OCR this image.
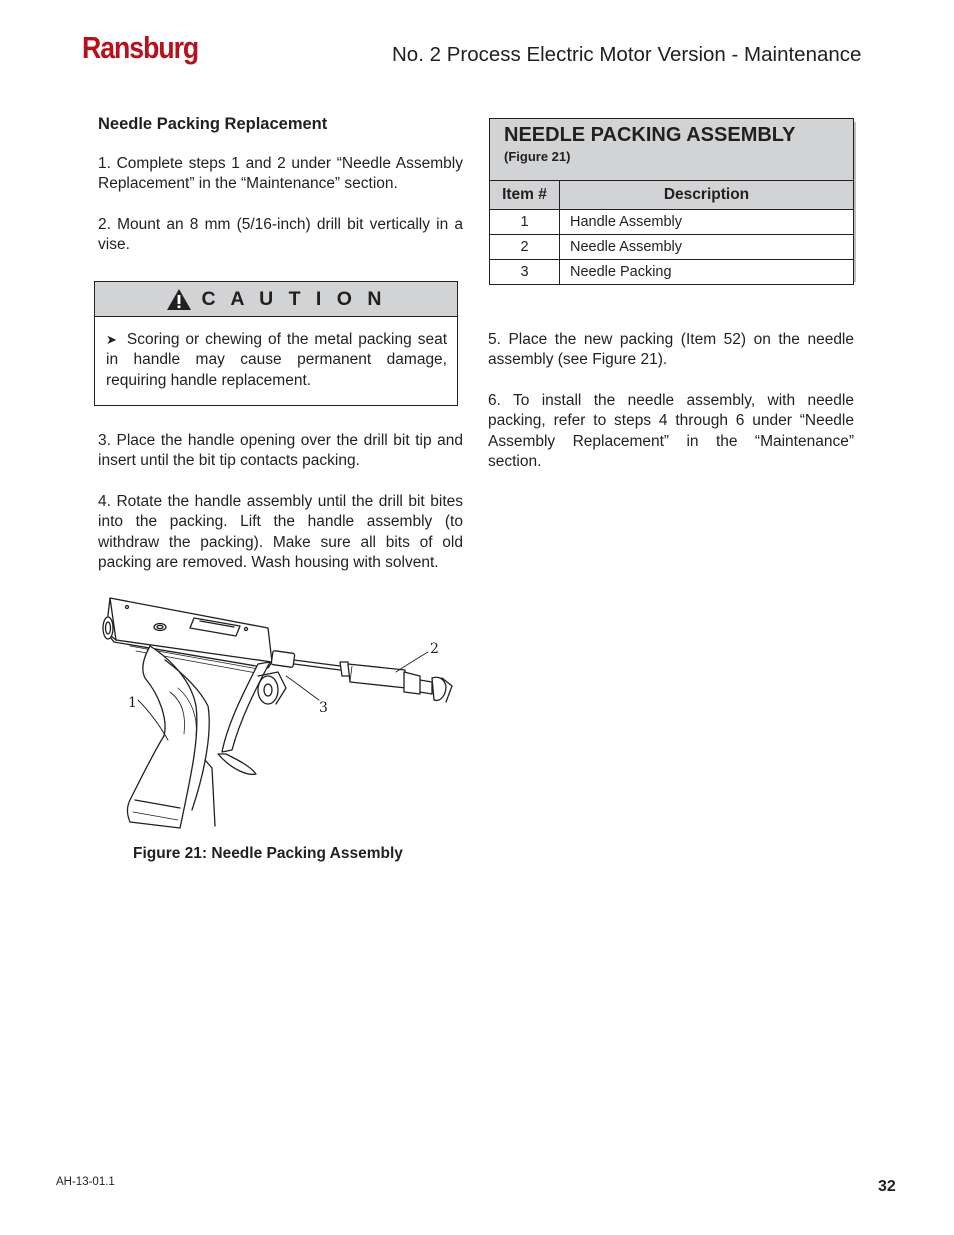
Ransburg	No. 2 Process Electric Motor Version - Maintenance
Needle Packing Replacement
1. Complete steps 1 and 2 under “Needle Assembly Replacement” in the “Maintenance” section.
2. Mount an 8 mm (5/16-inch) drill bit vertically in a vise.
C A U T I O N
➤ Scoring or chewing of the metal packing seat in handle may cause permanent damage, requiring handle replacement.
3. Place the handle opening over the drill bit tip and insert until the bit tip contacts packing.
4. Rotate the handle assembly until the drill bit bites into the packing. Lift the handle assembly (to withdraw the packing). Make sure all bits of old packing are removed. Wash housing with solvent.
2
1	3
Figure 21: Needle Packing Assembly
NEEDLE PACKING ASSEMBLY
(Figure 21)
Item #	Description
1	Handle Assembly
2	Needle Assembly
3	Needle Packing
5. Place the new packing (Item 52) on the needle assembly (see Figure 21).
6. To install the needle assembly, with needle packing, refer to steps 4 through 6 under “Needle Assembly Replacement” in the “Maintenance” section.
AH-13-01.1	32
